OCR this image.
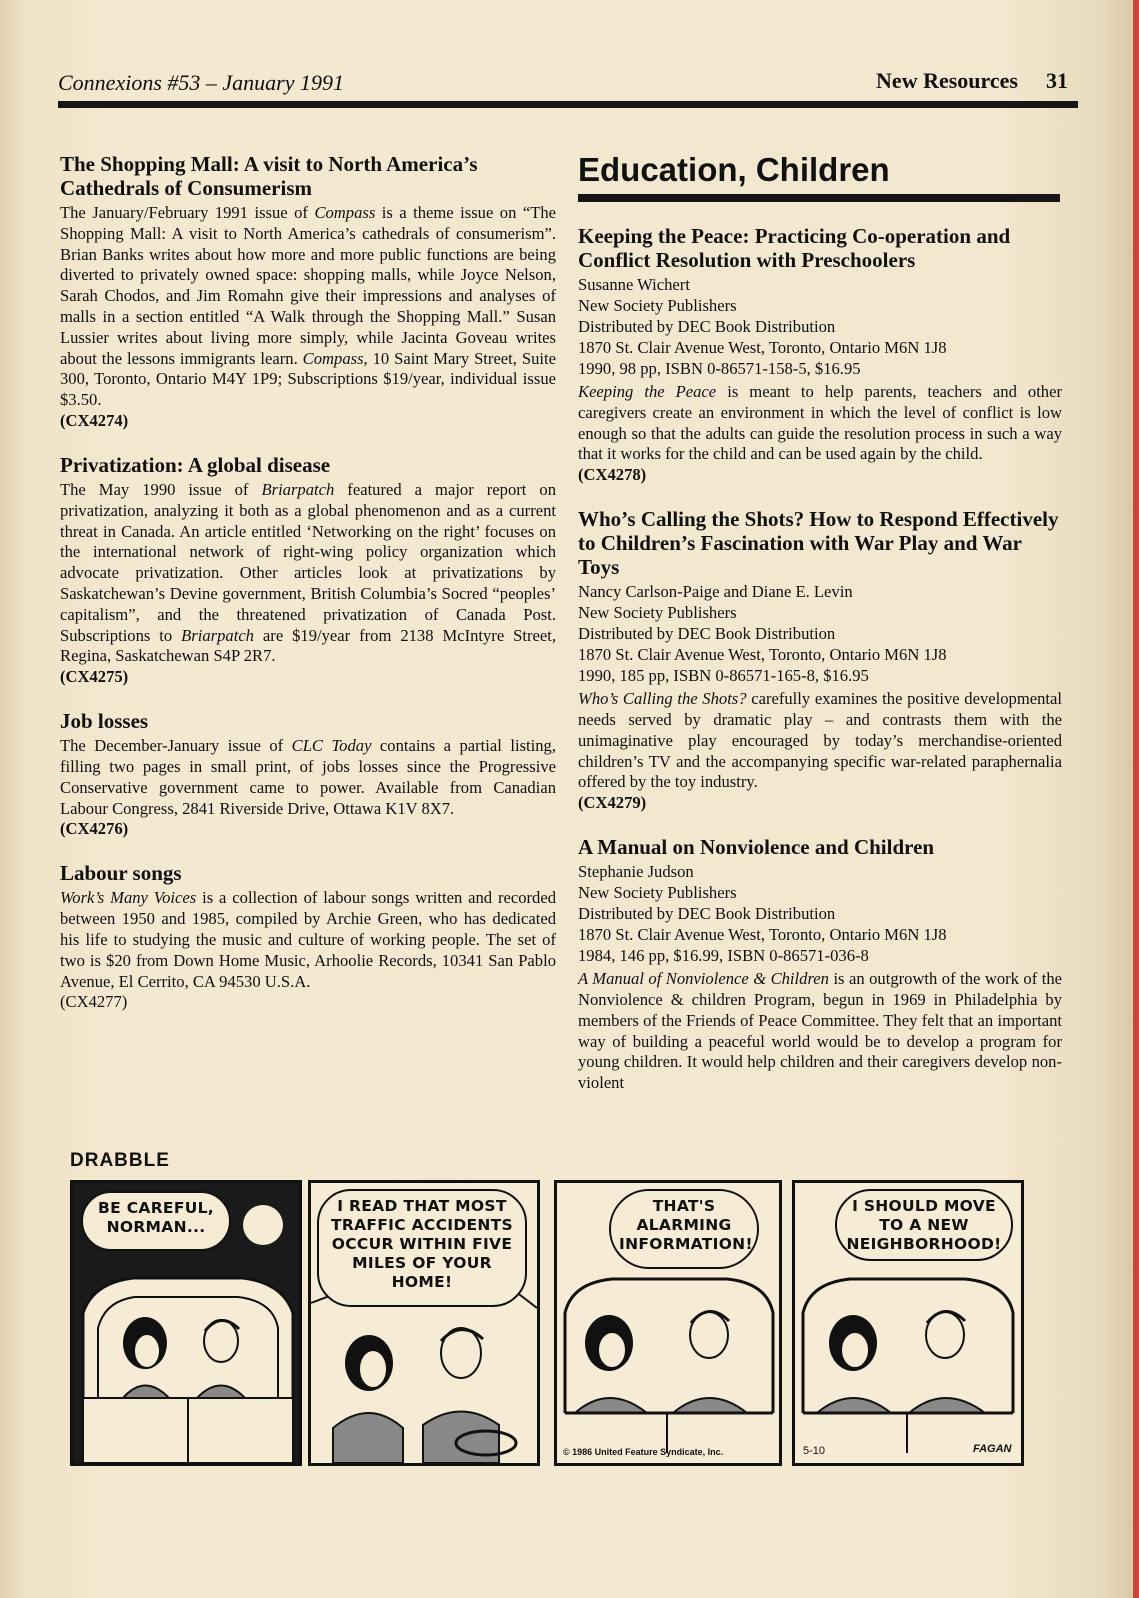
Connexions #53 – January 1991	New Resources 31
The Shopping Mall: A visit to North America’s Cathedrals of Consumerism

The January/February 1991 issue of Compass is a theme issue on “The Shopping Mall: A visit to North America’s cathedrals of consumerism”. Brian Banks writes about how more and more public functions are being diverted to privately owned space: shopping malls, while Joyce Nelson, Sarah Chodos, and Jim Romahn give their impressions and analyses of malls in a section entitled “A Walk through the Shopping Mall.” Susan Lussier writes about living more simply, while Jacinta Goveau writes about the lessons immigrants learn. Compass, 10 Saint Mary Street, Suite 300, Toronto, Ontario M4Y 1P9; Subscriptions $19/year, individual issue $3.50.
(CX4274)

Privatization: A global disease

The May 1990 issue of Briarpatch featured a major report on privatization, analyzing it both as a global phenomenon and as a current threat in Canada. An article entitled ‘Networking on the right’ focuses on the international network of right-wing policy organization which advocate privatization. Other articles look at privatizations by Saskatchewan’s Devine government, British Columbia’s Socred “peoples’ capitalism”, and the threatened privatization of Canada Post. Subscriptions to Briarpatch are $19/year from 2138 McIntyre Street, Regina, Saskatchewan S4P 2R7.
(CX4275)

Job losses

The December-January issue of CLC Today contains a partial listing, filling two pages in small print, of jobs losses since the Progressive Conservative government came to power. Available from Canadian Labour Congress, 2841 Riverside Drive, Ottawa K1V 8X7.
(CX4276)

Labour songs

Work’s Many Voices is a collection of labour songs written and recorded between 1950 and 1985, compiled by Archie Green, who has dedicated his life to studying the music and culture of working people. The set of two is $20 from Down Home Music, Arhoolie Records, 10341 San Pablo Avenue, El Cerrito, CA 94530 U.S.A.
(CX4277)

Education, Children
Keeping the Peace: Practicing Co-operation and Conflict Resolution with Preschoolers

Susanne Wichert

New Society Publishers

Distributed by DEC Book Distribution

1870 St. Clair Avenue West, Toronto, Ontario M6N 1J8

1990, 98 pp, ISBN 0-86571-158-5, $16.95

Keeping the Peace is meant to help parents, teachers and other caregivers create an environment in which the level of conflict is low enough so that the adults can guide the resolution process in such a way that it works for the child and can be used again by the child.
(CX4278)

Who’s Calling the Shots? How to Respond Effectively to Children’s Fascination with War Play and War Toys

Nancy Carlson-Paige and Diane E. Levin

New Society Publishers

Distributed by DEC Book Distribution

1870 St. Clair Avenue West, Toronto, Ontario M6N 1J8

1990, 185 pp, ISBN 0-86571-165-8, $16.95

Who’s Calling the Shots? carefully examines the positive developmental needs served by dramatic play – and contrasts them with the unimaginative play encouraged by today’s merchandise-oriented children’s TV and the accompanying specific war-related paraphernalia offered by the toy industry.
(CX4279)

A Manual on Nonviolence and Children

Stephanie Judson

New Society Publishers

Distributed by DEC Book Distribution

1870 St. Clair Avenue West, Toronto, Ontario M6N 1J8

1984, 146 pp, $16.99, ISBN 0-86571-036-8

A Manual of Nonviolence & Children is an outgrowth of the work of the Nonviolence & children Program, begun in 1969 in Philadelphia by members of the Friends of Peace Committee. They felt that an important way of building a peaceful world would be to develop a program for young children. It would help children and their caregivers develop non-violent

DRABBLE
BE CAREFUL, NORMAN...
I READ THAT MOST TRAFFIC ACCIDENTS OCCUR WITHIN FIVE MILES OF YOUR HOME!
THAT'S ALARMING INFORMATION!
© 1986 United Feature Syndicate, Inc.
I SHOULD MOVE TO A NEW NEIGHBORHOOD!
5-10	FAGAN
